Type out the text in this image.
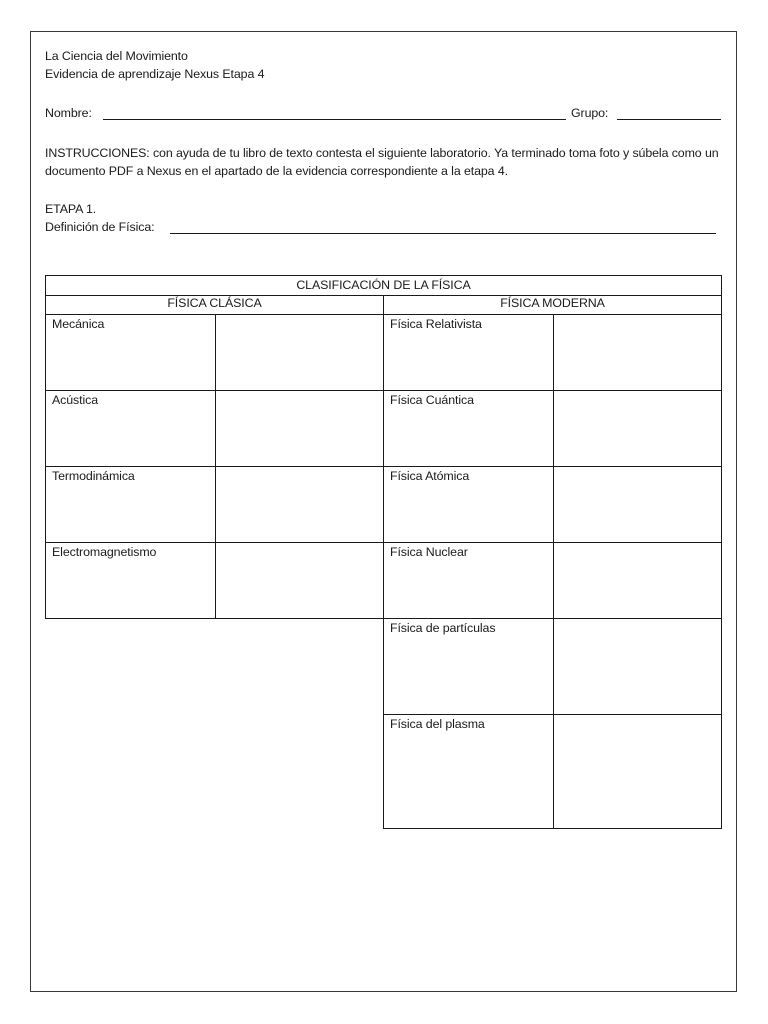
La Ciencia del Movimiento
Evidencia de aprendizaje Nexus Etapa 4
Nombre:	Grupo:
INSTRUCCIONES: con ayuda de tu libro de texto contesta el siguiente laboratorio. Ya terminado toma foto y súbela como un documento PDF a Nexus en el apartado de la evidencia correspondiente a la etapa 4.
ETAPA 1.
Definición de Física:
CLASIFICACIÓN DE LA FÍSICA
FÍSICA CLÁSICA	FÍSICA MODERNA
Mecánica
Acústica
Termodinámica
Electromagnetismo
Física Relativista
Física Cuántica
Física Atómica
Física Nuclear
Física de partículas
Física del plasma
